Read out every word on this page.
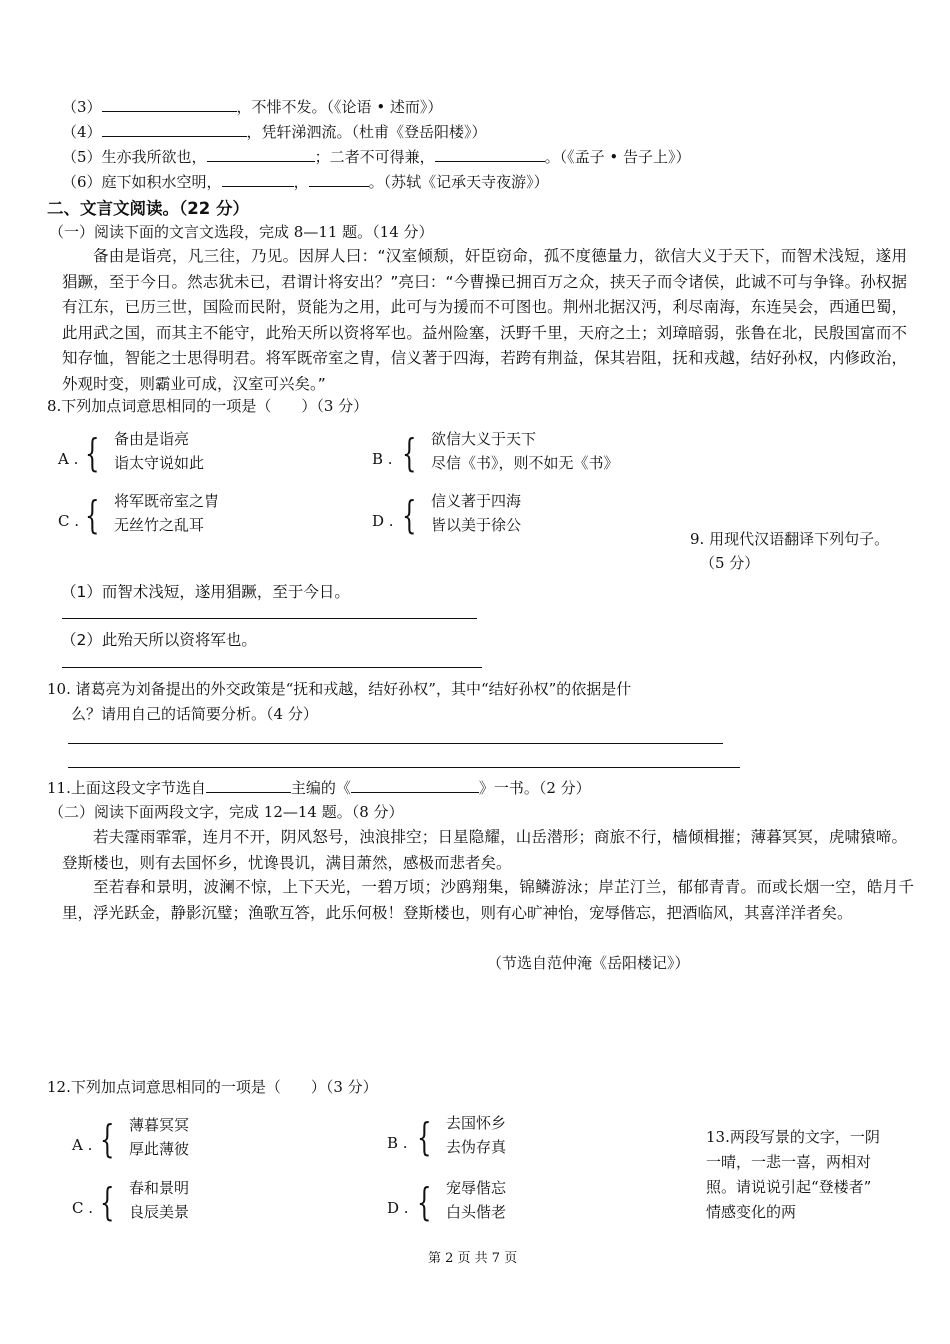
（3）	，不悱不发。（《论语 • 述而》）
（4）	，凭轩涕泗流。（杜甫《登岳阳楼》）
（5）生亦我所欲也，	；二者不可得兼，	。（《孟子 • 告子上》）
（6）庭下如积水空明，	，	。（苏轼《记承天寺夜游》）
二、文言文阅读。（22 分）
（一）阅读下面的文言文选段，完成 8—11 题。（14 分）
备由是诣亮，凡三往，乃见。因屏人曰：“汉室倾颓，奸臣窃命，孤不度德量力，欲信大义于天下，而智术浅短，遂用猖蹶，至于今日。然志犹未已，君谓计将安出？”亮曰：“今曹操已拥百万之众，挟天子而令诸侯，此诚不可与争锋。孙权据有江东，已历三世，国险而民附，贤能为之用，此可与为援而不可图也。荆州北据汉沔，利尽南海，东连吴会，西通巴蜀，此用武之国，而其主不能守，此殆天所以资将军也。益州险塞，沃野千里，天府之土；刘璋暗弱，张鲁在北，民殷国富而不知存恤，智能之士思得明君。将军既帝室之胄，信义著于四海，若跨有荆益，保其岩阻，抚和戎越，结好孙权，内修政治，外观时变，则霸业可成，汉室可兴矣。”
8.下列加点词意思相同的一项是（　　）（3 分）
A . { 备由是诣亮
诣太守说如此	B . { 欲信大义于天下
尽信《书》，则不如无《书》
C . { 将军既帝室之胄
无丝竹之乱耳	D . { 信义著于四海
皆以美于徐公
9. 用现代汉语翻译下列句子。
（5 分）
（1）而智术浅短，遂用猖蹶，至于今日。
（2）此殆天所以资将军也。
10. 诸葛亮为刘备提出的外交政策是“抚和戎越，结好孙权”，其中“结好孙权”的依据是什
么？请用自己的话简要分析。（4 分）
11.上面这段文字节选自	主编的《	》一书。（2 分）
（二）阅读下面两段文字，完成 12—14 题。（8 分）
若夫霪雨霏霏，连月不开，阴风怒号，浊浪排空；日星隐耀，山岳潜形；商旅不行，樯倾楫摧；薄暮冥冥，虎啸猿啼。登斯楼也，则有去国怀乡，忧谗畏讥，满目萧然，感极而悲者矣。
至若春和景明，波澜不惊，上下天光，一碧万顷；沙鸥翔集，锦鳞游泳；岸芷汀兰，郁郁青青。而或长烟一空，皓月千里，浮光跃金，静影沉璧；渔歌互答，此乐何极！登斯楼也，则有心旷神怡，宠辱偕忘，把酒临风，其喜洋洋者矣。
（节选自范仲淹《岳阳楼记》）
12.下列加点词意思相同的一项是（　　）（3 分）
A . { 薄暮冥冥
厚此薄彼	B . { 去国怀乡
去伪存真
C . { 春和景明
良辰美景	D . { 宠辱偕忘
白头偕老
13.两段写景的文字，一阴
一晴，一悲一喜，两相对
照。请说说引起“登楼者”
情感变化的两
第 2 页 共 7 页
